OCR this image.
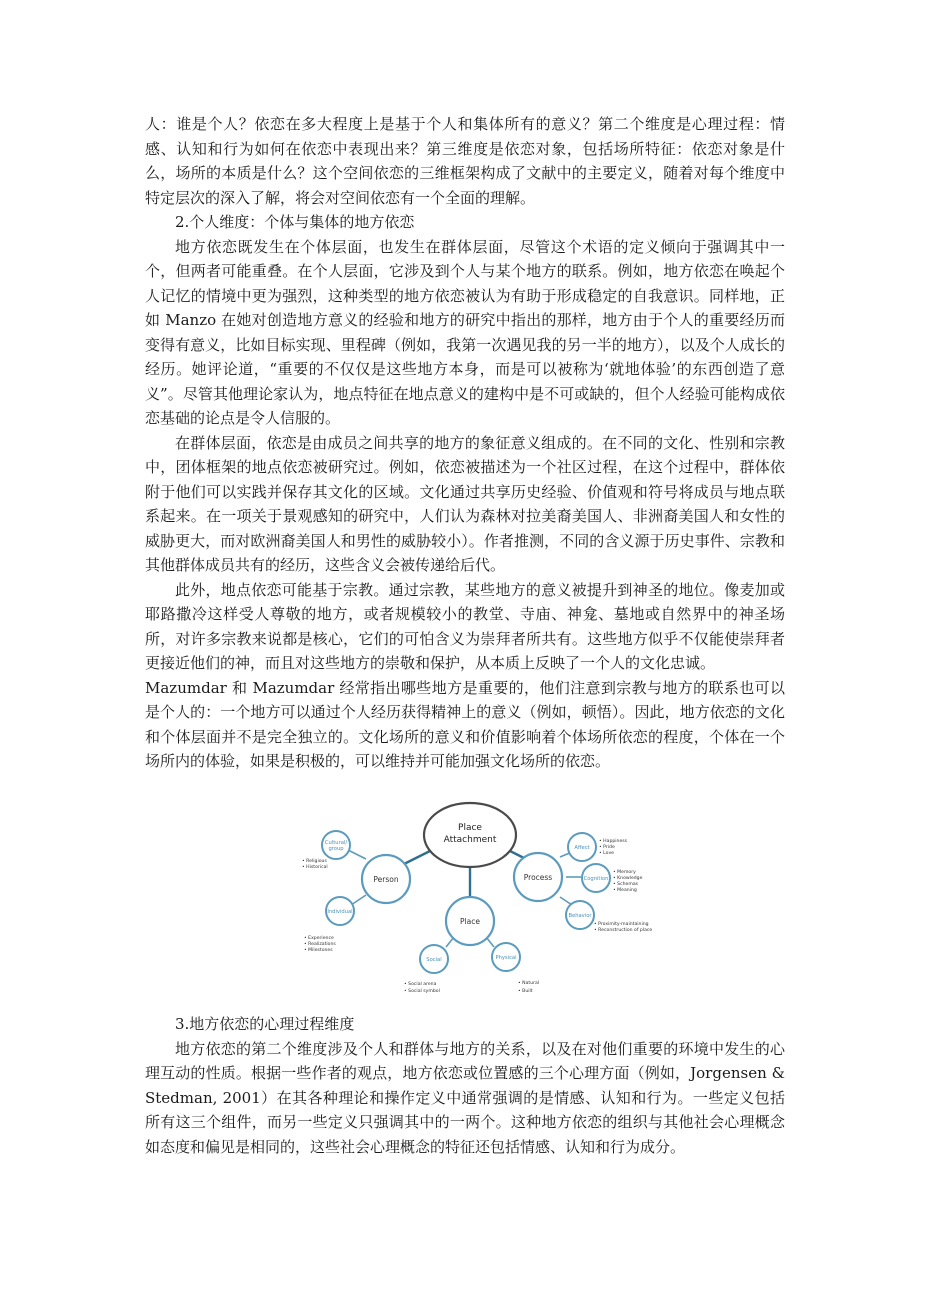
人：谁是个人？依恋在多大程度上是基于个人和集体所有的意义？第二个维度是心理过程：情感、认知和行为如何在依恋中表现出来？第三维度是依恋对象，包括场所特征：依恋对象是什么，场所的本质是什么？这个空间依恋的三维框架构成了文献中的主要定义，随着对每个维度中特定层次的深入了解，将会对空间依恋有一个全面的理解。

2.个人维度：个体与集体的地方依恋

地方依恋既发生在个体层面，也发生在群体层面，尽管这个术语的定义倾向于强调其中一个，但两者可能重叠。在个人层面，它涉及到个人与某个地方的联系。例如，地方依恋在唤起个人记忆的情境中更为强烈，这种类型的地方依恋被认为有助于形成稳定的自我意识。同样地，正如 Manzo 在她对创造地方意义的经验和地方的研究中指出的那样，地方由于个人的重要经历而变得有意义，比如目标实现、里程碑（例如，我第一次遇见我的另一半的地方），以及个人成长的经历。她评论道，“重要的不仅仅是这些地方本身，而是可以被称为‘就地体验’的东西创造了意义”。尽管其他理论家认为，地点特征在地点意义的建构中是不可或缺的，但个人经验可能构成依恋基础的论点是令人信服的。

在群体层面，依恋是由成员之间共享的地方的象征意义组成的。在不同的文化、性别和宗教中，团体框架的地点依恋被研究过。例如，依恋被描述为一个社区过程，在这个过程中，群体依附于他们可以实践并保存其文化的区域。文化通过共享历史经验、价值观和符号将成员与地点联系起来。在一项关于景观感知的研究中，人们认为森林对拉美裔美国人、非洲裔美国人和女性的威胁更大，而对欧洲裔美国人和男性的威胁较小）。作者推测，不同的含义源于历史事件、宗教和其他群体成员共有的经历，这些含义会被传递给后代。

此外，地点依恋可能基于宗教。通过宗教，某些地方的意义被提升到神圣的地位。像麦加或耶路撒冷这样受人尊敬的地方，或者规模较小的教堂、寺庙、神龛、墓地或自然界中的神圣场所，对许多宗教来说都是核心，它们的可怕含义为崇拜者所共有。这些地方似乎不仅能使崇拜者更接近他们的神，而且对这些地方的崇敬和保护，从本质上反映了一个人的文化忠诚。

Mazumdar 和 Mazumdar 经常指出哪些地方是重要的，他们注意到宗教与地方的联系也可以是个人的：一个地方可以通过个人经历获得精神上的意义（例如，顿悟）。因此，地方依恋的文化和个体层面并不是完全独立的。文化场所的意义和价值影响着个体场所依恋的程度，个体在一个场所内的体验，如果是积极的，可以维持并可能加强文化场所的依恋。

Place
Attachment
Person
Cultural/
group
• Religious
• Historical
Individual
• Experience
• Realizations
• Milestones
Process
Affect
• Happiness
• Pride
• Love
Cognition
• Memory
• Knowledge
• Schemas
• Meaning
Behavior
• Proximity-maintaining
• Reconstruction of place
Place
Social
• Social arena
• Social symbol
Physical
• Natural
• Built
3.地方依恋的心理过程维度

地方依恋的第二个维度涉及个人和群体与地方的关系，以及在对他们重要的环境中发生的心理互动的性质。根据一些作者的观点，地方依恋或位置感的三个心理方面（例如，Jorgensen & Stedman, 2001）在其各种理论和操作定义中通常强调的是情感、认知和行为。一些定义包括所有这三个组件，而另一些定义只强调其中的一两个。这种地方依恋的组织与其他社会心理概念如态度和偏见是相同的，这些社会心理概念的特征还包括情感、认知和行为成分。
